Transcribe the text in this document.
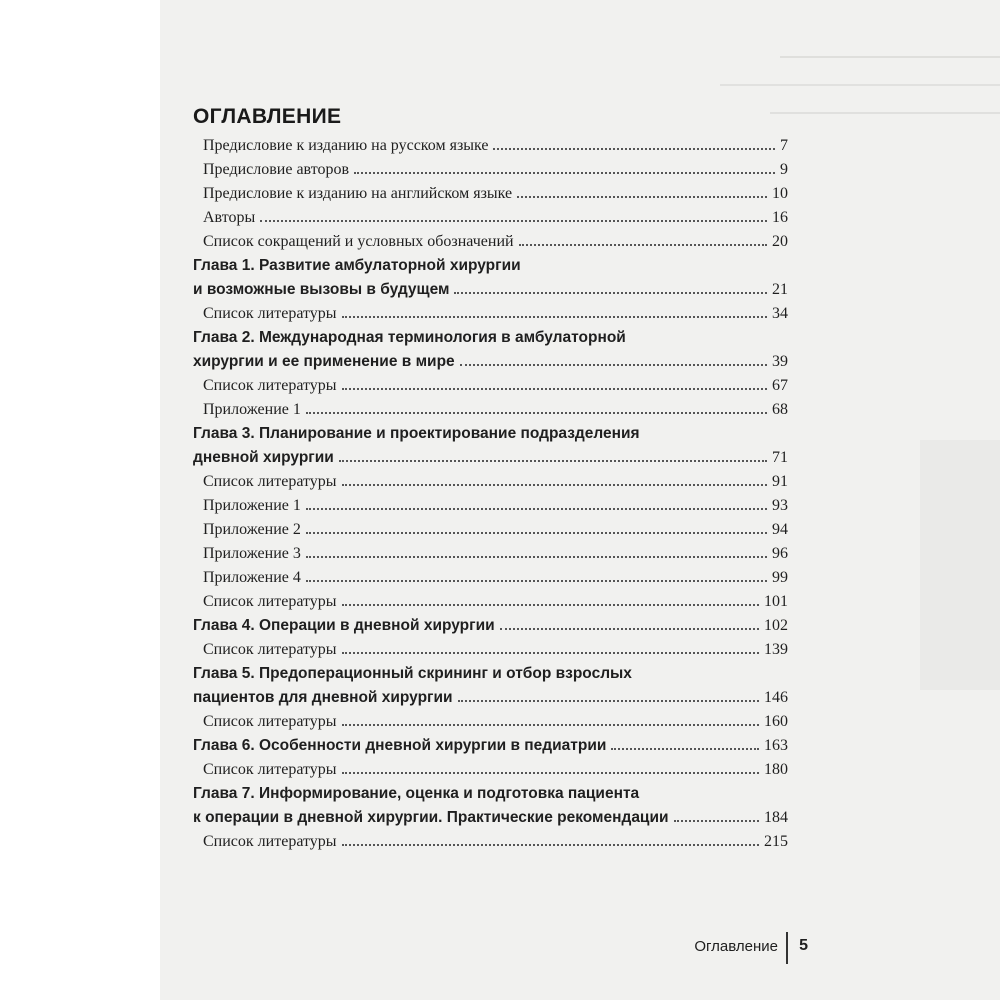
ОГЛАВЛЕНИЕ
Предисловие к изданию на русском языке	7
Предисловие авторов	9
Предисловие к изданию на английском языке	10
Авторы	16
Список сокращений и условных обозначений	20
Глава 1. Развитие амбулаторной хирургии
и возможные вызовы в будущем	21
Список литературы	34
Глава 2. Международная терминология в амбулаторной
хирургии и ее применение в мире	39
Список литературы	67
Приложение 1	68
Глава 3. Планирование и проектирование подразделения
дневной хирургии	71
Список литературы	91
Приложение 1	93
Приложение 2	94
Приложение 3	96
Приложение 4	99
Список литературы	101
Глава 4. Операции в дневной хирургии	102
Список литературы	139
Глава 5. Предоперационный скрининг и отбор взрослых
пациентов для дневной хирургии	146
Список литературы	160
Глава 6. Особенности дневной хирургии в педиатрии	163
Список литературы	180
Глава 7. Информирование, оценка и подготовка пациента
к операции в дневной хирургии. Практические рекомендации	184
Список литературы	215
Оглавление 5
